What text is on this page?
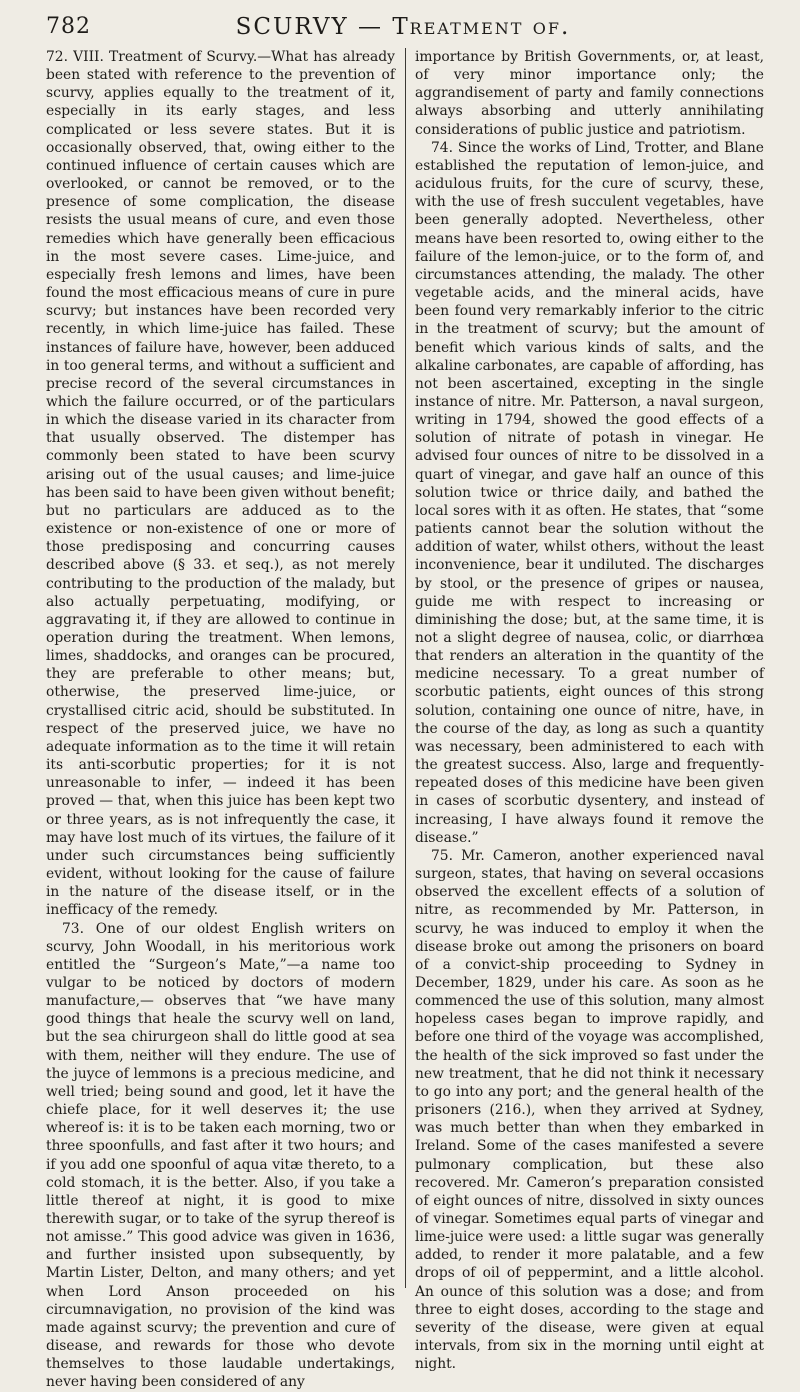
782	SCURVY — Treatment of.

72. VIII. Treatment of Scurvy.—What has already been stated with reference to the prevention of scurvy, applies equally to the treatment of it, especially in its early stages, and less complicated or less severe states. But it is occasionally observed, that, owing either to the continued influence of certain causes which are overlooked, or cannot be removed, or to the presence of some complication, the disease resists the usual means of cure, and even those remedies which have generally been efficacious in the most severe cases. Lime-juice, and especially fresh lemons and limes, have been found the most efficacious means of cure in pure scurvy; but instances have been recorded very recently, in which lime-juice has failed. These instances of failure have, however, been adduced in too general terms, and without a sufficient and precise record of the several circumstances in which the failure occurred, or of the particulars in which the disease varied in its character from that usually observed. The distemper has commonly been stated to have been scurvy arising out of the usual causes; and lime-juice has been said to have been given without benefit; but no particulars are adduced as to the existence or non-existence of one or more of those predisposing and concurring causes described above (§ 33. et seq.), as not merely contributing to the production of the malady, but also actually perpetuating, modifying, or aggravating it, if they are allowed to continue in operation during the treatment. When lemons, limes, shaddocks, and oranges can be procured, they are preferable to other means; but, otherwise, the preserved lime-juice, or crystallised citric acid, should be substituted. In respect of the preserved juice, we have no adequate information as to the time it will retain its anti-scorbutic properties; for it is not unreasonable to infer, — indeed it has been proved — that, when this juice has been kept two or three years, as is not infrequently the case, it may have lost much of its virtues, the failure of it under such circumstances being sufficiently evident, without looking for the cause of failure in the nature of the disease itself, or in the inefficacy of the remedy.

73. One of our oldest English writers on scurvy, John Woodall, in his meritorious work entitled the “Surgeon’s Mate,”—a name too vulgar to be noticed by doctors of modern manufacture,— observes that “we have many good things that heale the scurvy well on land, but the sea chirurgeon shall do little good at sea with them, neither will they endure. The use of the juyce of lemmons is a precious medicine, and well tried; being sound and good, let it have the chiefe place, for it well deserves it; the use whereof is: it is to be taken each morning, two or three spoonfulls, and fast after it two hours; and if you add one spoonful of aqua vitæ thereto, to a cold stomach, it is the better. Also, if you take a little thereof at night, it is good to mixe therewith sugar, or to take of the syrup thereof is not amisse.” This good advice was given in 1636, and further insisted upon subsequently, by Martin Lister, Delton, and many others; and yet when Lord Anson proceeded on his circumnavigation, no provision of the kind was made against scurvy; the prevention and cure of disease, and rewards for those who devote themselves to those laudable undertakings, never having been considered of any

importance by British Governments, or, at least, of very minor importance only; the aggrandisement of party and family connections always absorbing and utterly annihilating considerations of public justice and patriotism.

74. Since the works of Lind, Trotter, and Blane established the reputation of lemon-juice, and acidulous fruits, for the cure of scurvy, these, with the use of fresh succulent vegetables, have been generally adopted. Nevertheless, other means have been resorted to, owing either to the failure of the lemon-juice, or to the form of, and circumstances attending, the malady. The other vegetable acids, and the mineral acids, have been found very remarkably inferior to the citric in the treatment of scurvy; but the amount of benefit which various kinds of salts, and the alkaline carbonates, are capable of affording, has not been ascertained, excepting in the single instance of nitre. Mr. Patterson, a naval surgeon, writing in 1794, showed the good effects of a solution of nitrate of potash in vinegar. He advised four ounces of nitre to be dissolved in a quart of vinegar, and gave half an ounce of this solution twice or thrice daily, and bathed the local sores with it as often. He states, that “some patients cannot bear the solution without the addition of water, whilst others, without the least inconvenience, bear it undiluted. The discharges by stool, or the presence of gripes or nausea, guide me with respect to increasing or diminishing the dose; but, at the same time, it is not a slight degree of nausea, colic, or diarrhœa that renders an alteration in the quantity of the medicine necessary. To a great number of scorbutic patients, eight ounces of this strong solution, containing one ounce of nitre, have, in the course of the day, as long as such a quantity was necessary, been administered to each with the greatest success. Also, large and frequently-repeated doses of this medicine have been given in cases of scorbutic dysentery, and instead of increasing, I have always found it remove the disease.”

75. Mr. Cameron, another experienced naval surgeon, states, that having on several occasions observed the excellent effects of a solution of nitre, as recommended by Mr. Patterson, in scurvy, he was induced to employ it when the disease broke out among the prisoners on board of a convict-ship proceeding to Sydney in December, 1829, under his care. As soon as he commenced the use of this solution, many almost hopeless cases began to improve rapidly, and before one third of the voyage was accomplished, the health of the sick improved so fast under the new treatment, that he did not think it necessary to go into any port; and the general health of the prisoners (216.), when they arrived at Sydney, was much better than when they embarked in Ireland. Some of the cases manifested a severe pulmonary complication, but these also recovered. Mr. Cameron’s preparation consisted of eight ounces of nitre, dissolved in sixty ounces of vinegar. Sometimes equal parts of vinegar and lime-juice were used: a little sugar was generally added, to render it more palatable, and a few drops of oil of peppermint, and a little alcohol. An ounce of this solution was a dose; and from three to eight doses, according to the stage and severity of the disease, were given at equal intervals, from six in the morning until eight at night.
